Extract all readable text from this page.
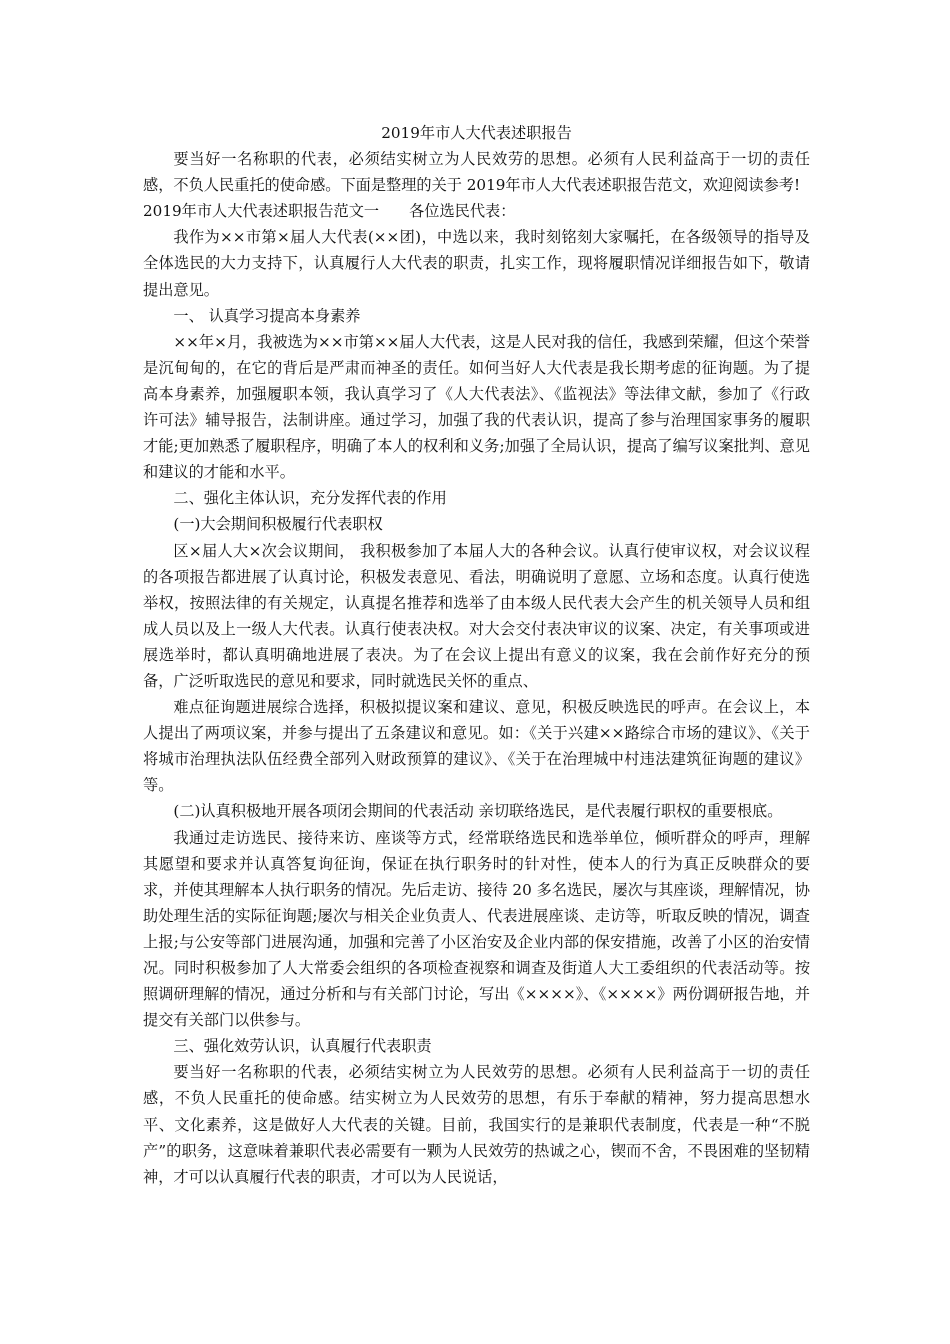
2019年市人大代表述职报告

要当好一名称职的代表，必须结实树立为人民效劳的思想。必须有人民利益高于一切的责任感，不负人民重托的使命感。下面是整理的关于 2019年市人大代表述职报告范文，欢迎阅读参考!

2019年市人大代表述职报告范文一 各位选民代表：

我作为××市第×届人大代表(××团)，中选以来，我时刻铭刻大家嘱托，在各级领导的指导及全体选民的大力支持下，认真履行人大代表的职责，扎实工作，现将履职情况详细报告如下，敬请提出意见。

一、 认真学习提高本身素养

××年×月，我被选为××市第××届人大代表，这是人民对我的信任，我感到荣耀，但这个荣誉是沉甸甸的，在它的背后是严肃而神圣的责任。如何当好人大代表是我长期考虑的征询题。为了提高本身素养，加强履职本领，我认真学习了《人大代表法》、《监视法》等法律文献，参加了《行政许可法》辅导报告，法制讲座。通过学习，加强了我的代表认识，提高了参与治理国家事务的履职才能;更加熟悉了履职程序，明确了本人的权利和义务;加强了全局认识，提高了编写议案批判、意见和建议的才能和水平。

二、强化主体认识，充分发挥代表的作用

(一)大会期间积极履行代表职权

区×届人大×次会议期间， 我积极参加了本届人大的各种会议。认真行使审议权，对会议议程的各项报告都进展了认真讨论，积极发表意见、看法，明确说明了意愿、立场和态度。认真行使选举权，按照法律的有关规定，认真提名推荐和选举了由本级人民代表大会产生的机关领导人员和组成人员以及上一级人大代表。认真行使表决权。对大会交付表决审议的议案、决定，有关事项或进展选举时，都认真明确地进展了表决。为了在会议上提出有意义的议案，我在会前作好充分的预备，广泛听取选民的意见和要求，同时就选民关怀的重点、

难点征询题进展综合选择，积极拟提议案和建议、意见，积极反映选民的呼声。在会议上，本人提出了两项议案，并参与提出了五条建议和意见。如：《关于兴建××路综合市场的建议》、《关于将城市治理执法队伍经费全部列入财政预算的建议》、《关于在治理城中村违法建筑征询题的建议》等。

(二)认真积极地开展各项闭会期间的代表活动 亲切联络选民，是代表履行职权的重要根底。

我通过走访选民、接待来访、座谈等方式，经常联络选民和选举单位，倾听群众的呼声，理解其愿望和要求并认真答复询征询，保证在执行职务时的针对性，使本人的行为真正反映群众的要求，并使其理解本人执行职务的情况。先后走访、接待 20 多名选民，屡次与其座谈，理解情况，协助处理生活的实际征询题;屡次与相关企业负责人、代表进展座谈、走访等，听取反映的情况，调查上报;与公安等部门进展沟通，加强和完善了小区治安及企业内部的保安措施，改善了小区的治安情况。同时积极参加了人大常委会组织的各项检查视察和调查及街道人大工委组织的代表活动等。按照调研理解的情况，通过分析和与有关部门讨论，写出《××××》、《××××》两份调研报告地，并提交有关部门以供参与。

三、强化效劳认识，认真履行代表职责

要当好一名称职的代表，必须结实树立为人民效劳的思想。必须有人民利益高于一切的责任感，不负人民重托的使命感。结实树立为人民效劳的思想，有乐于奉献的精神，努力提高思想水平、文化素养，这是做好人大代表的关键。目前，我国实行的是兼职代表制度，代表是一种“不脱产”的职务，这意味着兼职代表必需要有一颗为人民效劳的热诚之心，锲而不舍，不畏困难的坚韧精神，才可以认真履行代表的职责，才可以为人民说话，
